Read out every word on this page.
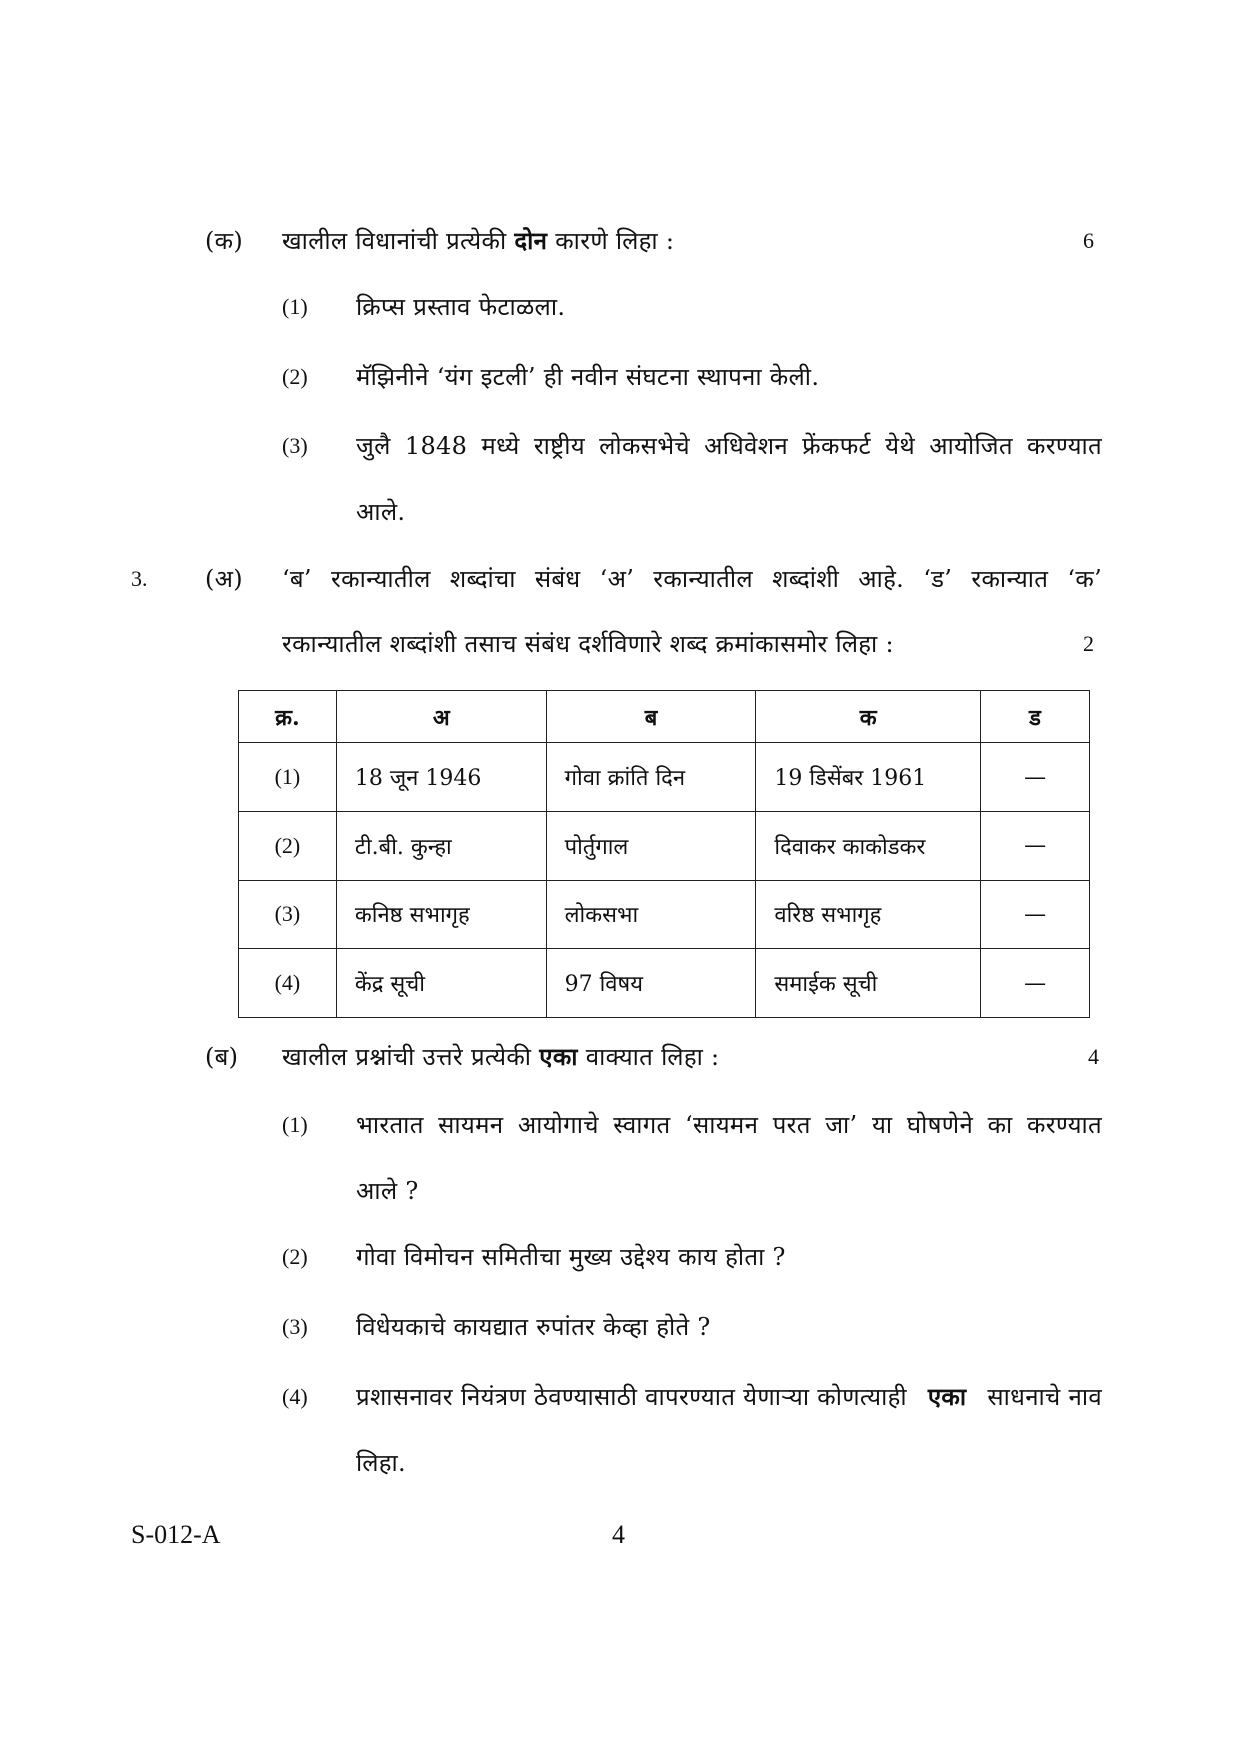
(क) खालील विधानांची प्रत्येकी दोन कारणे लिहा :	6
(1) क्रिप्स प्रस्ताव फेटाळला.
(2) मॅझिनीने ‘यंग इटली’ ही नवीन संघटना स्थापना केली.
(3) जुलै 1848 मध्ये राष्ट्रीय लोकसभेचे अधिवेशन फ्रेंकफर्ट येथे आयोजित करण्यात
आले.
3. (अ) ‘ब’ रकान्यातील शब्दांचा संबंध ‘अ’ रकान्यातील शब्दांशी आहे. ‘ड’ रकान्यात ‘क’
रकान्यातील शब्दांशी तसाच संबंध दर्शविणारे शब्द क्रमांकासमोर लिहा :	2
क्र.	अ	ब	क	ड
(1)	18 जून 1946	गोवा क्रांति दिन	19 डिसेंबर 1961	—
(2)	टी.बी. कुन्हा	पोर्तुगाल	दिवाकर काकोडकर	—
(3)	कनिष्ठ सभागृह	लोकसभा	वरिष्ठ सभागृह	—
(4)	केंद्र सूची	97 विषय	समाईक सूची	—
(ब) खालील प्रश्नांची उत्तरे प्रत्येकी एका वाक्यात लिहा :	4
(1) भारतात सायमन आयोगाचे स्वागत ‘सायमन परत जा’ या घोषणेने का करण्यात
आले ?
(2) गोवा विमोचन समितीचा मुख्य उद्देश्य काय होता ?
(3) विधेयकाचे कायद्यात रुपांतर केव्हा होते ?
(4) प्रशासनावर नियंत्रण ठेवण्यासाठी वापरण्यात येणाऱ्या कोणत्याही एका साधनाचे नाव
लिहा.
S-012-A	4
